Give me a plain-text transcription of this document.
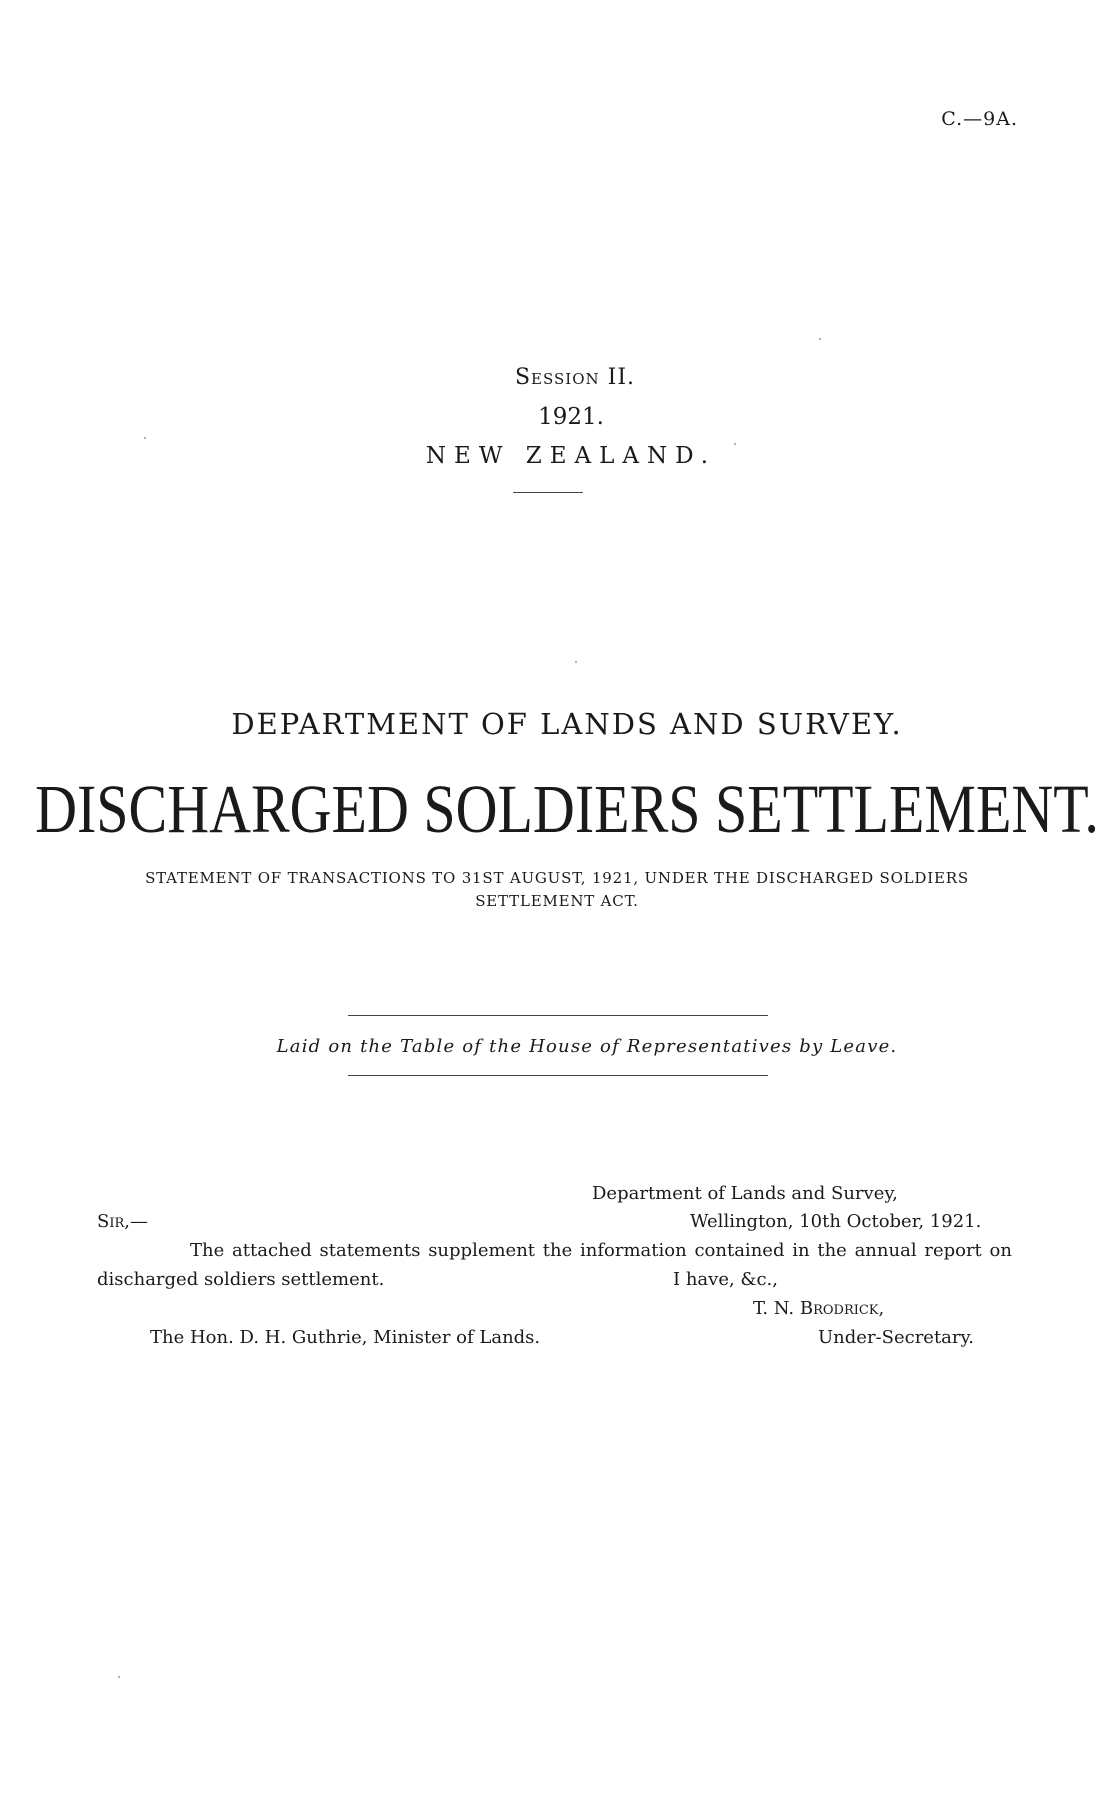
C.—9A.
Session II.
1921.
NEW ZEALAND.
DEPARTMENT OF LANDS AND SURVEY.
DISCHARGED SOLDIERS SETTLEMENT.
STATEMENT OF TRANSACTIONS TO 31ST AUGUST, 1921, UNDER THE DISCHARGED SOLDIERS
SETTLEMENT ACT.
Laid on the Table of the House of Representatives by Leave.
Department of Lands and Survey,
Wellington, 10th October, 1921.
Sir,—
The attached statements supplement the information contained in the annual report on
discharged soldiers settlement.	I have, &c.,
T. N. Brodrick,
The Hon. D. H. Guthrie, Minister of Lands.	Under-Secretary.
